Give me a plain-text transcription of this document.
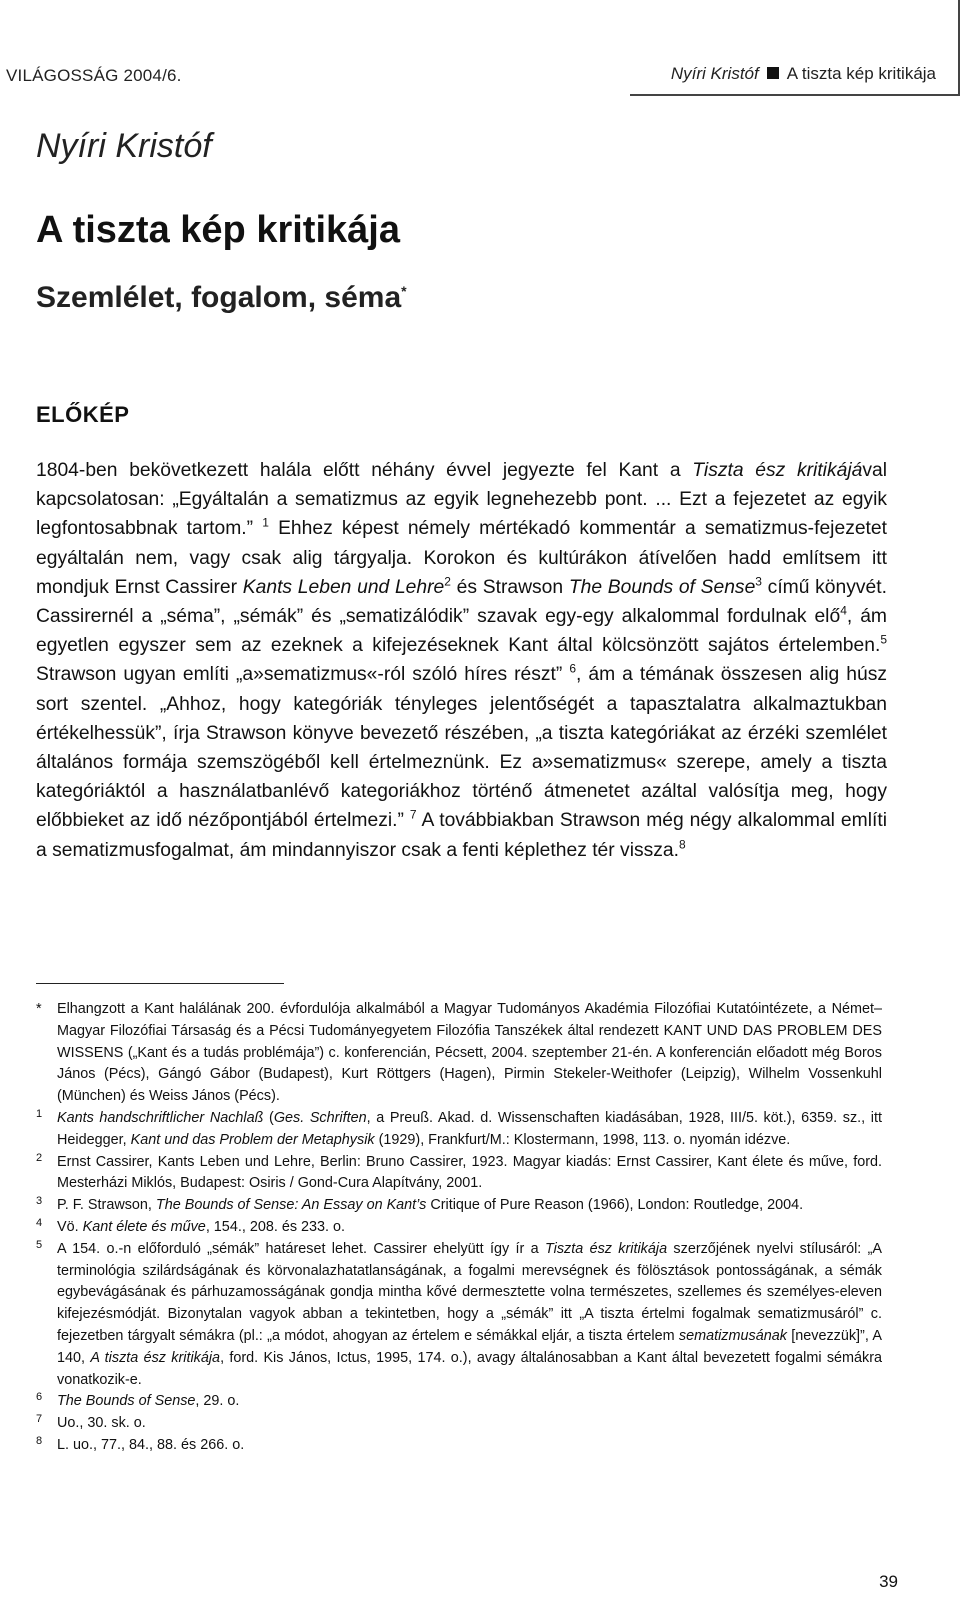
VILÁGOSSÁG 2004/6.	Nyíri Kristóf A tiszta kép kritikája
Nyíri Kristóf
A tiszta kép kritikája
Szemlélet, fogalom, séma*
ELŐKÉP

1804-ben bekövetkezett halála előtt néhány évvel jegyezte fel Kant a Tiszta ész kritikájával kapcsolatosan: „Egyáltalán a sematizmus az egyik legnehezebb pont. ... Ezt a fejezetet az egyik legfontosabbnak tartom.” $^1$ Ehhez képest némely mértékadó kommentár a sematizmus-fejezetet egyáltalán nem, vagy csak alig tárgyalja. Korokon és kultúrákon átívelően hadd említsem itt mondjuk Ernst Cassirer Kants Leben und Lehre$^2$ és Strawson The Bounds of Sense$^3$ című könyvét. Cassirernél a „séma”, „sémák” és „sematizálódik” szavak egy-egy alkalommal fordulnak elő$^4$, ám egyetlen egyszer sem az ezeknek a kifejezéseknek Kant által kölcsönzött sajátos értelemben.$^5$ Strawson ugyan említi „a»sematizmus«-ról szóló híres részt” $^6$, ám a témának összesen alig húsz sort szentel. „Ahhoz, hogy kategóriák tényleges jelentőségét a tapasztalatra alkalmaztukban értékelhessük”, írja Strawson könyve bevezető részében, „a tiszta kategóriákat az érzéki szemlélet általános formája szemszögéből kell értelmeznünk. Ez a»sematizmus« szerepe, amely a tiszta kategóriáktól a használatbanlévő kategoriákhoz történő átmenetet azáltal valósítja meg, hogy előbbieket az idő nézőpontjából értelmezi.” $^7$ A továbbiakban Strawson még négy alkalommal említi a sematizmusfogalmat, ám mindannyiszor csak a fenti képlethez tér vissza.$^8$

* Elhangzott a Kant halálának 200. évfordulója alkalmából a Magyar Tudományos Akadémia Filozófiai Kutatóintézete, a Német–Magyar Filozófiai Társaság és a Pécsi Tudományegyetem Filozófia Tanszékek által rendezett KANT UND DAS PROBLEM DES WISSENS („Kant és a tudás problémája”) c. konferencián, Pécsett, 2004. szeptember 21-én. A konferencián előadott még Boros János (Pécs), Gángó Gábor (Budapest), Kurt Röttgers (Hagen), Pirmin Stekeler-Weithofer (Leipzig), Wilhelm Vossenkuhl (München) és Weiss János (Pécs).
1 Kants handschriftlicher Nachlaß (Ges. Schriften, a Preuß. Akad. d. Wissenschaften kiadásában, 1928, III/5. köt.), 6359. sz., itt Heidegger, Kant und das Problem der Metaphysik (1929), Frankfurt/M.: Klostermann, 1998, 113. o. nyomán idézve.
2 Ernst Cassirer, Kants Leben und Lehre, Berlin: Bruno Cassirer, 1923. Magyar kiadás: Ernst Cassirer, Kant élete és műve, ford. Mesterházi Miklós, Budapest: Osiris / Gond-Cura Alapítvány, 2001.
3 P. F. Strawson, The Bounds of Sense: An Essay on Kant’s Critique of Pure Reason (1966), London: Routledge, 2004.
4 Vö. Kant élete és műve, 154., 208. és 233. o.
5 A 154. o.-n előforduló „sémák” határeset lehet. Cassirer ehelyütt így ír a Tiszta ész kritikája szerzőjének nyelvi stílusáról: „A terminológia szilárdságának és körvonalazhatatlanságának, a fogalmi merevségnek és fölösztások pontosságának, a sémák egybevágásának és párhuzamosságának gondja mintha kővé dermesztette volna természetes, szellemes és személyes-eleven kifejezésmódját. Bizonytalan vagyok abban a tekintetben, hogy a „sémák” itt „A tiszta értelmi fogalmak sematizmusáról” c. fejezetben tárgyalt sémákra (pl.: „a módot, ahogyan az értelem e sémákkal eljár, a tiszta értelem sematizmusának [nevezzük]”, A 140, A tiszta ész kritikája, ford. Kis János, Ictus, 1995, 174. o.), avagy általánosabban a Kant által bevezetett fogalmi sémákra vonatkozik-e.
6 The Bounds of Sense, 29. o.
7 Uo., 30. sk. o.
8 L. uo., 77., 84., 88. és 266. o.
39
